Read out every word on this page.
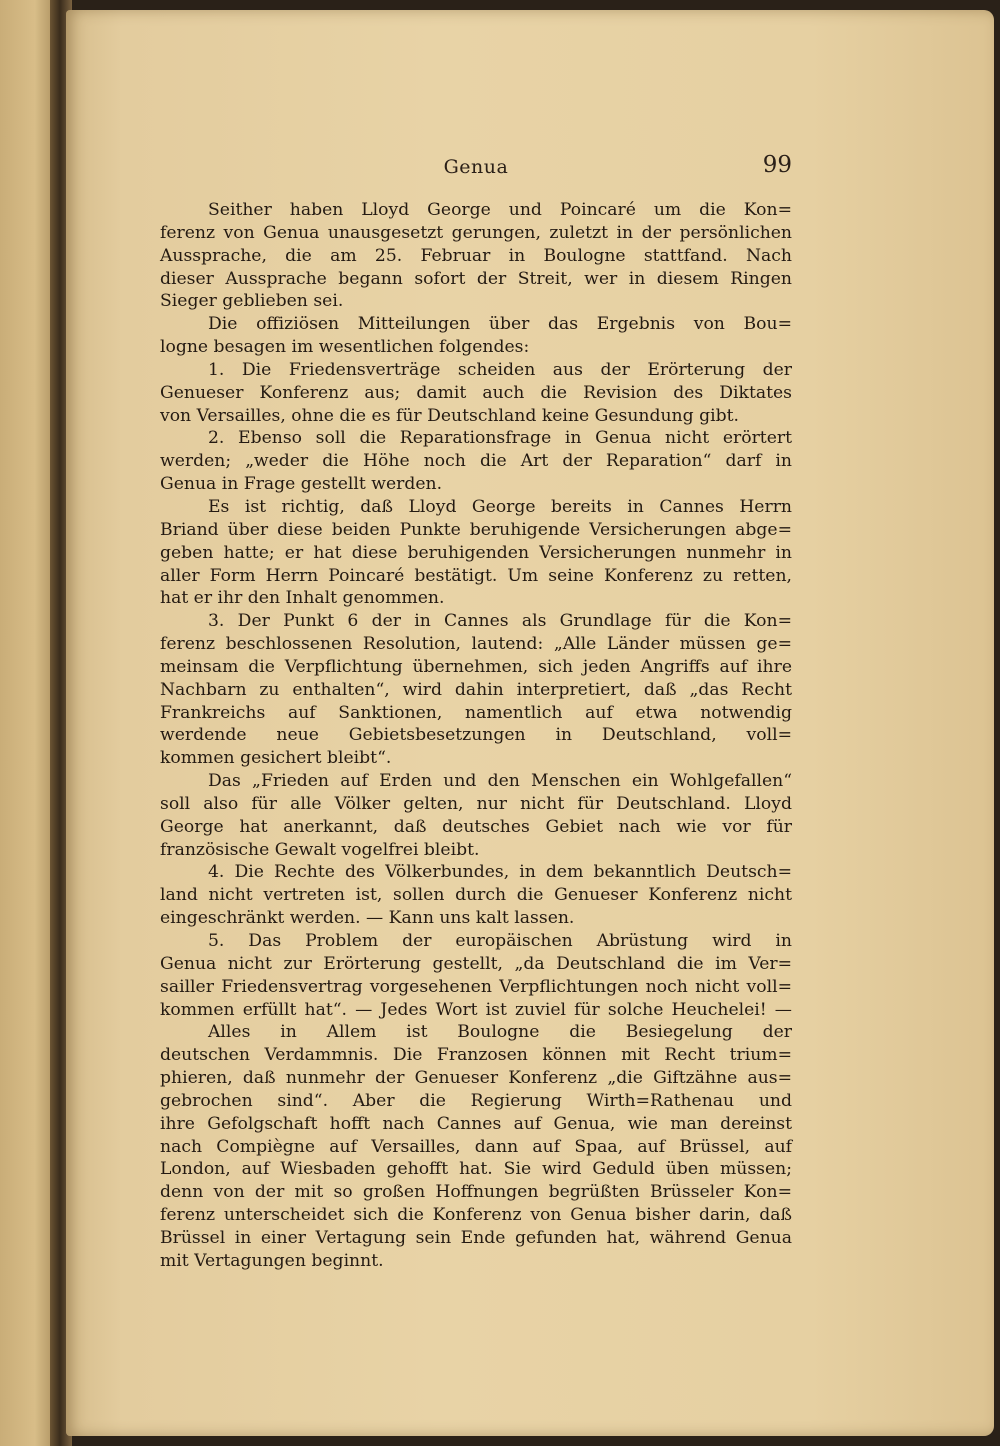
Genua	99
Seither haben Lloyd George und Poincaré um die Kon=
ferenz von Genua unausgesetzt gerungen, zuletzt in der persönlichen
Aussprache, die am 25. Februar in Boulogne stattfand. Nach
dieser Aussprache begann sofort der Streit, wer in diesem Ringen
Sieger geblieben sei.
Die offiziösen Mitteilungen über das Ergebnis von Bou=
logne besagen im wesentlichen folgendes:
1. Die Friedensverträge scheiden aus der Erörterung der
Genueser Konferenz aus; damit auch die Revision des Diktates
von Versailles, ohne die es für Deutschland keine Gesundung gibt.
2. Ebenso soll die Reparationsfrage in Genua nicht erörtert
werden; „weder die Höhe noch die Art der Reparation“ darf in
Genua in Frage gestellt werden.
Es ist richtig, daß Lloyd George bereits in Cannes Herrn
Briand über diese beiden Punkte beruhigende Versicherungen abge=
geben hatte; er hat diese beruhigenden Versicherungen nunmehr in
aller Form Herrn Poincaré bestätigt. Um seine Konferenz zu retten,
hat er ihr den Inhalt genommen.
3. Der Punkt 6 der in Cannes als Grundlage für die Kon=
ferenz beschlossenen Resolution, lautend: „Alle Länder müssen ge=
meinsam die Verpflichtung übernehmen, sich jeden Angriffs auf ihre
Nachbarn zu enthalten“, wird dahin interpretiert, daß „das Recht
Frankreichs auf Sanktionen, namentlich auf etwa notwendig
werdende neue Gebietsbesetzungen in Deutschland, voll=
kommen gesichert bleibt“.
Das „Frieden auf Erden und den Menschen ein Wohlgefallen“
soll also für alle Völker gelten, nur nicht für Deutschland. Lloyd
George hat anerkannt, daß deutsches Gebiet nach wie vor für
französische Gewalt vogelfrei bleibt.
4. Die Rechte des Völkerbundes, in dem bekanntlich Deutsch=
land nicht vertreten ist, sollen durch die Genueser Konferenz nicht
eingeschränkt werden. — Kann uns kalt lassen.
5. Das Problem der europäischen Abrüstung wird in
Genua nicht zur Erörterung gestellt, „da Deutschland die im Ver=
sailler Friedensvertrag vorgesehenen Verpflichtungen noch nicht voll=
kommen erfüllt hat“. — Jedes Wort ist zuviel für solche Heuchelei! —
Alles in Allem ist Boulogne die Besiegelung der
deutschen Verdammnis. Die Franzosen können mit Recht trium=
phieren, daß nunmehr der Genueser Konferenz „die Giftzähne aus=
gebrochen sind“. Aber die Regierung Wirth=Rathenau und
ihre Gefolgschaft hofft nach Cannes auf Genua, wie man dereinst
nach Compiègne auf Versailles, dann auf Spaa, auf Brüssel, auf
London, auf Wiesbaden gehofft hat. Sie wird Geduld üben müssen;
denn von der mit so großen Hoffnungen begrüßten Brüsseler Kon=
ferenz unterscheidet sich die Konferenz von Genua bisher darin, daß
Brüssel in einer Vertagung sein Ende gefunden hat, während Genua
mit Vertagungen beginnt.
